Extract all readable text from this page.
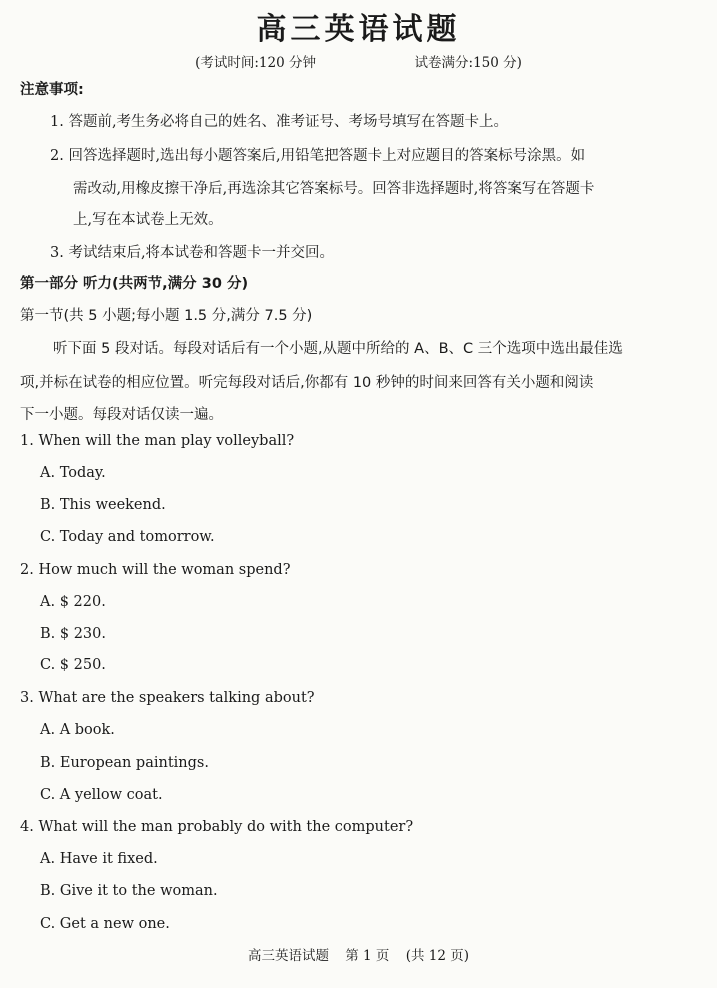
高三英语试题
(考试时间:120 分钟	试卷满分:150 分)
注意事项:
1. 答题前,考生务必将自己的姓名、准考证号、考场号填写在答题卡上。
2. 回答选择题时,选出每小题答案后,用铅笔把答题卡上对应题目的答案标号涂黑。如
需改动,用橡皮擦干净后,再选涂其它答案标号。回答非选择题时,将答案写在答题卡
上,写在本试卷上无效。
3. 考试结束后,将本试卷和答题卡一并交回。
第一部分 听力(共两节,满分 30 分)
第一节(共 5 小题;每小题 1.5 分,满分 7.5 分)
听下面 5 段对话。每段对话后有一个小题,从题中所给的 A、B、C 三个选项中选出最佳选
项,并标在试卷的相应位置。听完每段对话后,你都有 10 秒钟的时间来回答有关小题和阅读
下一小题。每段对话仅读一遍。
1. When will the man play volleyball?
A. Today.
B. This weekend.
C. Today and tomorrow.
2. How much will the woman spend?
A. $ 220.
B. $ 230.
C. $ 250.
3. What are the speakers talking about?
A. A book.
B. European paintings.
C. A yellow coat.
4. What will the man probably do with the computer?
A. Have it fixed.
B. Give it to the woman.
C. Get a new one.
高三英语试题 第 1 页 (共 12 页)
